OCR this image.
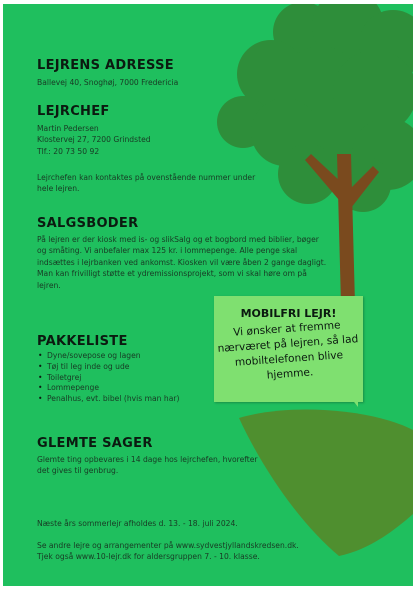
LEJRENS ADRESSE

Ballevej 40, Snoghøj, 7000 Fredericia

LEJRCHEF

Martin Pedersen

Klostervej 27, 7200 Grindsted

Tlf.: 20 73 50 92

Lejrchefen kan kontaktes på ovenstående nummer under hele lejren.

SALGSBODER

På lejren er der kiosk med is- og slikSalg og et bogbord med biblier, bøger og småting. Vi anbefaler max 125 kr. i lommepenge. Alle penge skal indsættes i lejrbanken ved ankomst. Kiosken vil være åben 2 gange dagligt.

Man kan frivilligt støtte et ydremissionsprojekt, som vi skal høre om på lejren.

PAKKELISTE
• Dyne/sovepose og lagen
• Tøj til leg inde og ude
• Toiletgrej
• Lommepenge
• Penalhus, evt. bibel (hvis man har)
GLEMTE SAGER

Glemte ting opbevares i 14 dage hos lejrchefen, hvorefter det gives til genbrug.

Næste års sommerlejr afholdes d. 13. - 18. juli 2024.

Se andre lejre og arrangementer på www.sydvestjyllandskredsen.dk.

Tjek også www.10-lejr.dk for aldersgruppen 7. - 10. klasse.

MOBILFRI LEJR!
Vi ønsker at fremme nærværet på lejren, så lad mobiltelefonen blive hjemme.
